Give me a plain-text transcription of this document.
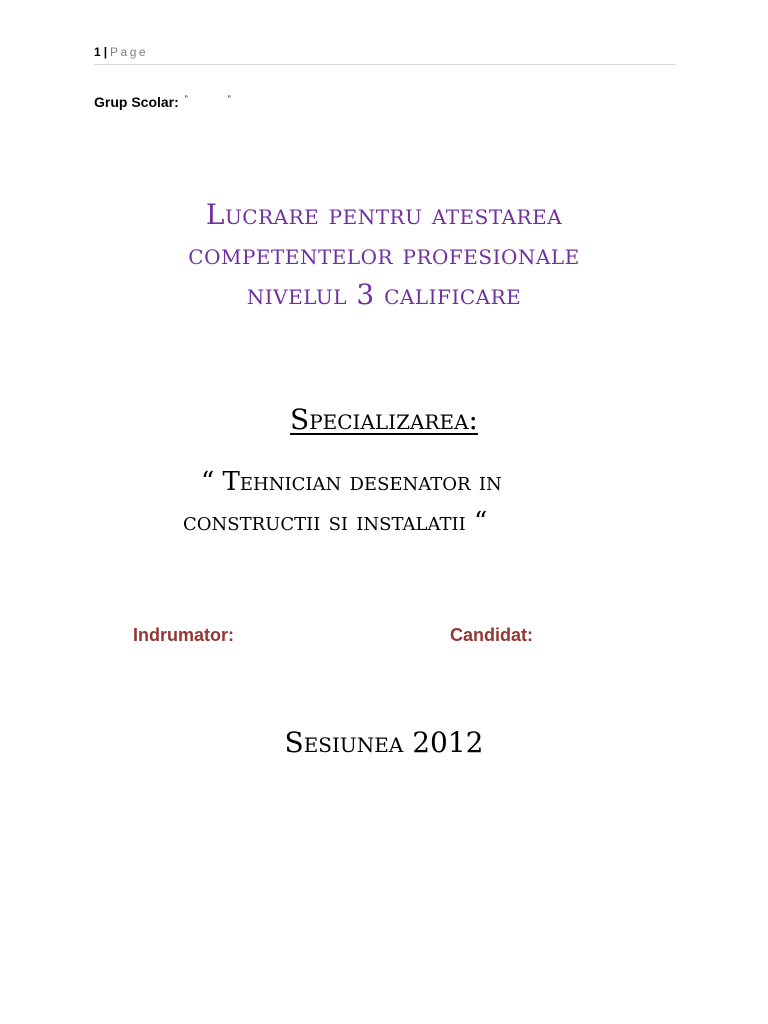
1 | Page
Grup Scolar: ”	”
Lucrare pentru atestarea
competentelor profesionale
nivelul 3 calificare
Specializarea:
“ Tehnician desenator in
constructii si instalatii “
Indrumator:	Candidat:
Sesiunea 2012
